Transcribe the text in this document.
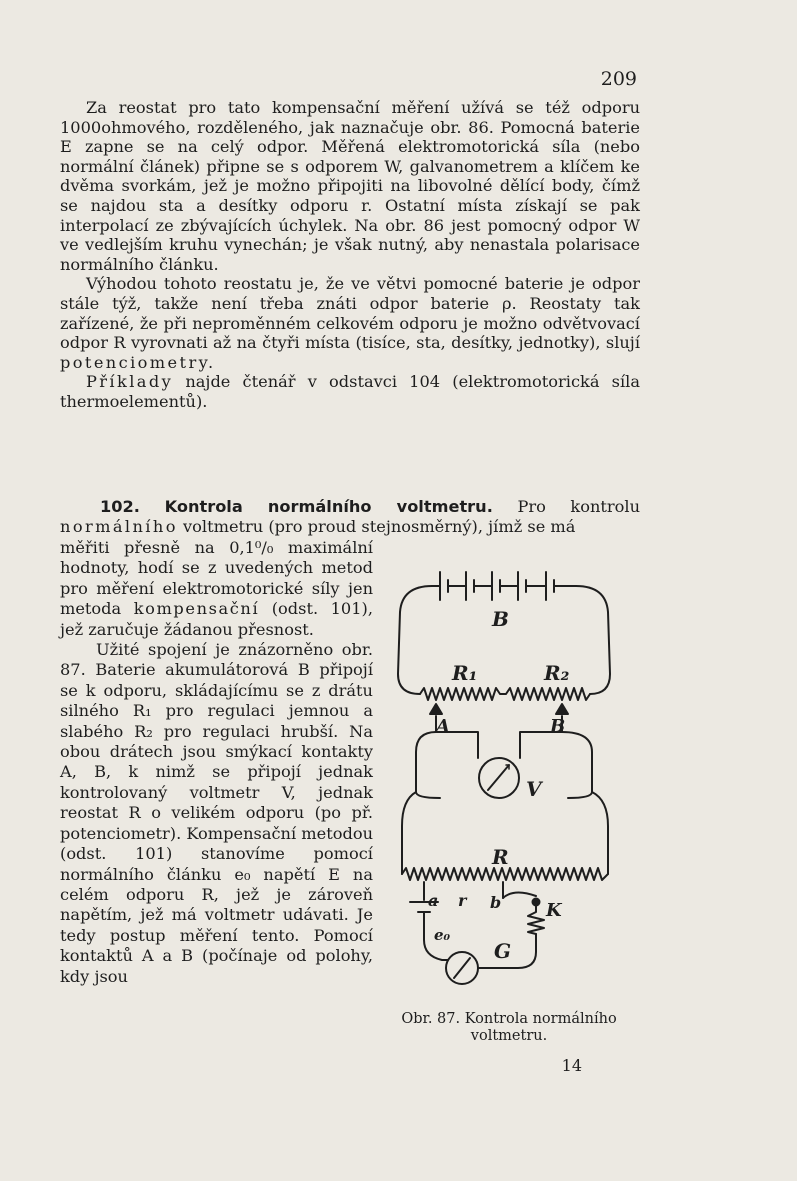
209

Za reostat pro tato kompensační měření užívá se též odporu 1000ohmového, rozděleného, jak naznačuje obr. 86. Pomocná baterie E zapne se na celý odpor. Měřená elektromotorická síla (nebo normální článek) připne se s odporem W, galvanometrem a klíčem ke dvěma svorkám, jež je možno připojiti na libovolné dělící body, čímž se najdou sta a desítky odporu r. Ostatní místa získají se pak interpolací ze zbývajících úchylek. Na obr. 86 jest pomocný odpor W ve vedlejším kruhu vynechán; je však nutný, aby nenastala polarisace normálního článku.

Výhodou tohoto reostatu je, že ve větvi pomocné baterie je odpor stále týž, takže není třeba znáti odpor baterie ρ. Reostaty tak zařízené, že při neproměnném celkovém odporu je možno odvětvovací odpor R vyrovnati až na čtyři místa (tisíce, sta, desítky, jednotky), slují potenciometry.

Příklady najde čtenář v odstavci 104 (elektromotorická síla thermoelementů).

102. Kontrola normálního voltmetru. Pro kontrolu normálního voltmetru (pro proud stejnosměrný), jímž se má

měřiti přesně na 0,1⁰/₀ maximální hodnoty, hodí se z uvedených metod pro měření elektromotorické síly jen metoda kompensační (odst. 101), jež zaručuje žádanou přesnost.

Užité spojení je znázorněno obr. 87. Baterie akumulátorová B připojí se k odporu, skládajícímu se z drátu silného R₁ pro regulaci jemnou a slabého R₂ pro regulaci hrubší. Na obou drátech jsou smýkací kontakty A, B, k nimž se připojí jednak kontrolovaný voltmetr V, jednak reostat R o velikém odporu (po př. potenciometr). Kompensační metodou (odst. 101) stanovíme pomocí normálního článku e₀ napětí E na celém odporu R, jež je zároveň napětím, jež má voltmetr udávati. Je tedy postup měření tento. Pomocí kontaktů A a B (počínaje od polohy, kdy jsou

B
R₁	R₂
A	B
V
R
a r b K
e₀
G
Obr. 87. Kontrola normálního voltmetru.
14
